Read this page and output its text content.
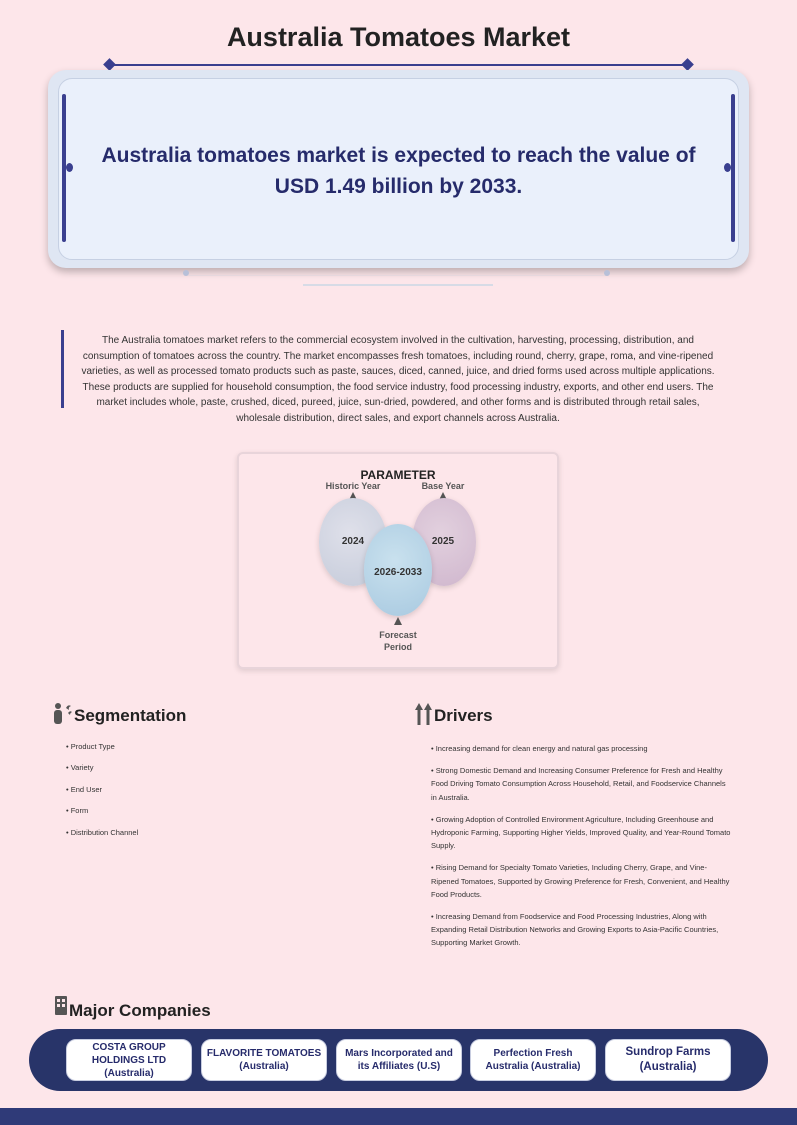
Australia Tomatoes Market
Australia tomatoes market is expected to reach the value of USD 1.49 billion by 2033.
The Australia tomatoes market refers to the commercial ecosystem involved in the cultivation, harvesting, processing, distribution, and consumption of tomatoes across the country. The market encompasses fresh tomatoes, including round, cherry, grape, roma, and vine-ripened varieties, as well as processed tomato products such as paste, sauces, diced, canned, juice, and dried forms used across multiple applications. These products are supplied for household consumption, the food service industry, food processing industry, exports, and other end users. The market includes whole, paste, crushed, diced, pureed, juice, sun-dried, powdered, and other forms and is distributed through retail sales, wholesale distribution, direct sales, and export channels across Australia.
PARAMETER
Historic Year	Base Year
2024	2025
2026-2033
Forecast Period
Segmentation
• Product Type
• Variety
• End User
• Form
• Distribution Channel
Drivers
• Increasing demand for clean energy and natural gas processing
• Strong Domestic Demand and Increasing Consumer Preference for Fresh and Healthy Food Driving Tomato Consumption Across Household, Retail, and Foodservice Channels in Australia.
• Growing Adoption of Controlled Environment Agriculture, Including Greenhouse and Hydroponic Farming, Supporting Higher Yields, Improved Quality, and Year-Round Tomato Supply.
• Rising Demand for Specialty Tomato Varieties, Including Cherry, Grape, and Vine-Ripened Tomatoes, Supported by Growing Preference for Fresh, Convenient, and Healthy Food Products.
• Increasing Demand from Foodservice and Food Processing Industries, Along with Expanding Retail Distribution Networks and Growing Exports to Asia-Pacific Countries, Supporting Market Growth.
Major Companies
COSTA GROUP HOLDINGS LTD (Australia)
FLAVORITE TOMATOES (Australia)
Mars Incorporated and its Affiliates (U.S)
Perfection Fresh Australia (Australia)
Sundrop Farms (Australia)
